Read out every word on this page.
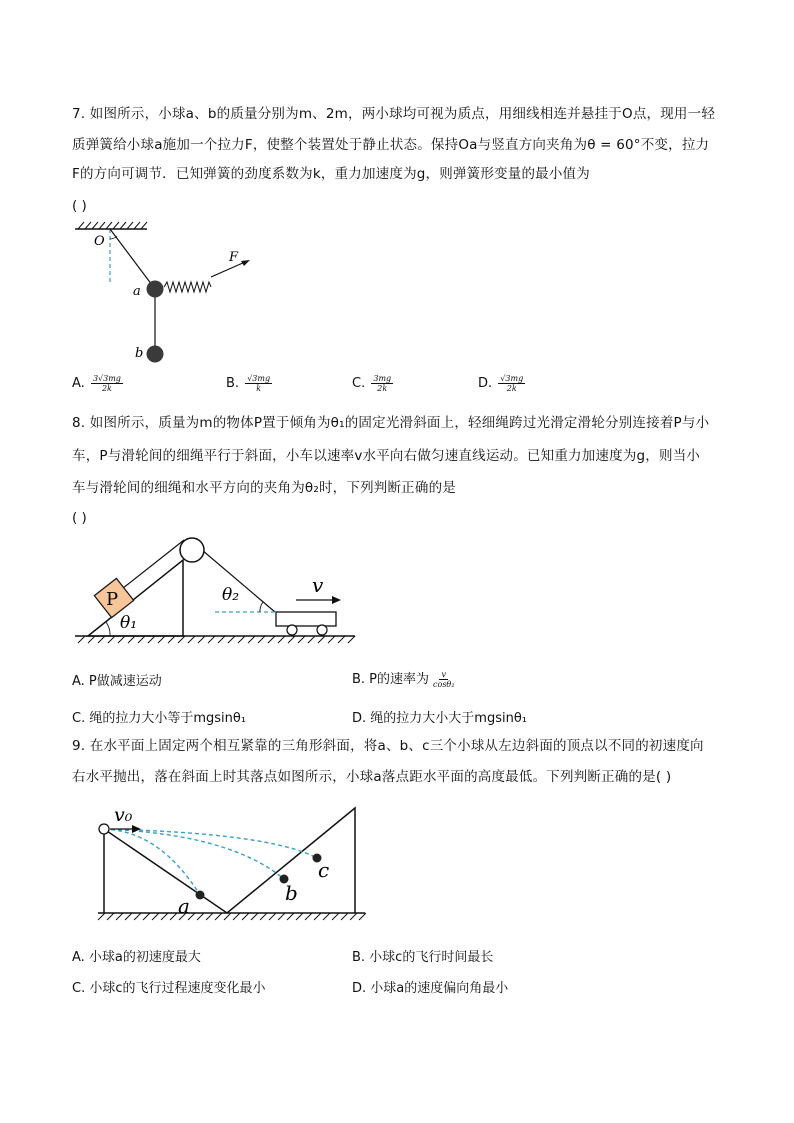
7. 如图所示，小球a、b的质量分别为m、2m，两小球均可视为质点，用细线相连并悬挂于O点，现用一轻
质弹簧给小球a施加一个拉力F，使整个装置处于静止状态。保持Oa与竖直方向夹角为θ = 60°不变，拉力
F的方向可调节．已知弹簧的劲度系数为k，重力加速度为g，则弹簧形变量的最小值为
( )
O
F
a
b
A. $\frac{3√3mg}{2k}$	B. $\frac{√3mg}{k}$	C. $\frac{3mg}{2k}$	D. $\frac{√3mg}{2k}$
8. 如图所示，质量为m的物体P置于倾角为θ₁的固定光滑斜面上，轻细绳跨过光滑定滑轮分别连接着P与小
车，P与滑轮间的细绳平行于斜面，小车以速率v水平向右做匀速直线运动。已知重力加速度为g，则当小
车与滑轮间的细绳和水平方向的夹角为θ₂时，下列判断正确的是
( )
P
θ₁
θ₂	v
A. P做减速运动	B. P的速率为 $\frac{v}{\text{cosθ₂}}$
C. 绳的拉力大小等于mgsinθ₁	D. 绳的拉力大小大于mgsinθ₁
9. 在水平面上固定两个相互紧靠的三角形斜面，将a、b、c三个小球从左边斜面的顶点以不同的初速度向
右水平抛出，落在斜面上时其落点如图所示，小球a落点距水平面的高度最低。下列判断正确的是( )
v₀
a
b
c
A. 小球a的初速度最大	B. 小球c的飞行时间最长
C. 小球c的飞行过程速度变化最小	D. 小球a的速度偏向角最小
